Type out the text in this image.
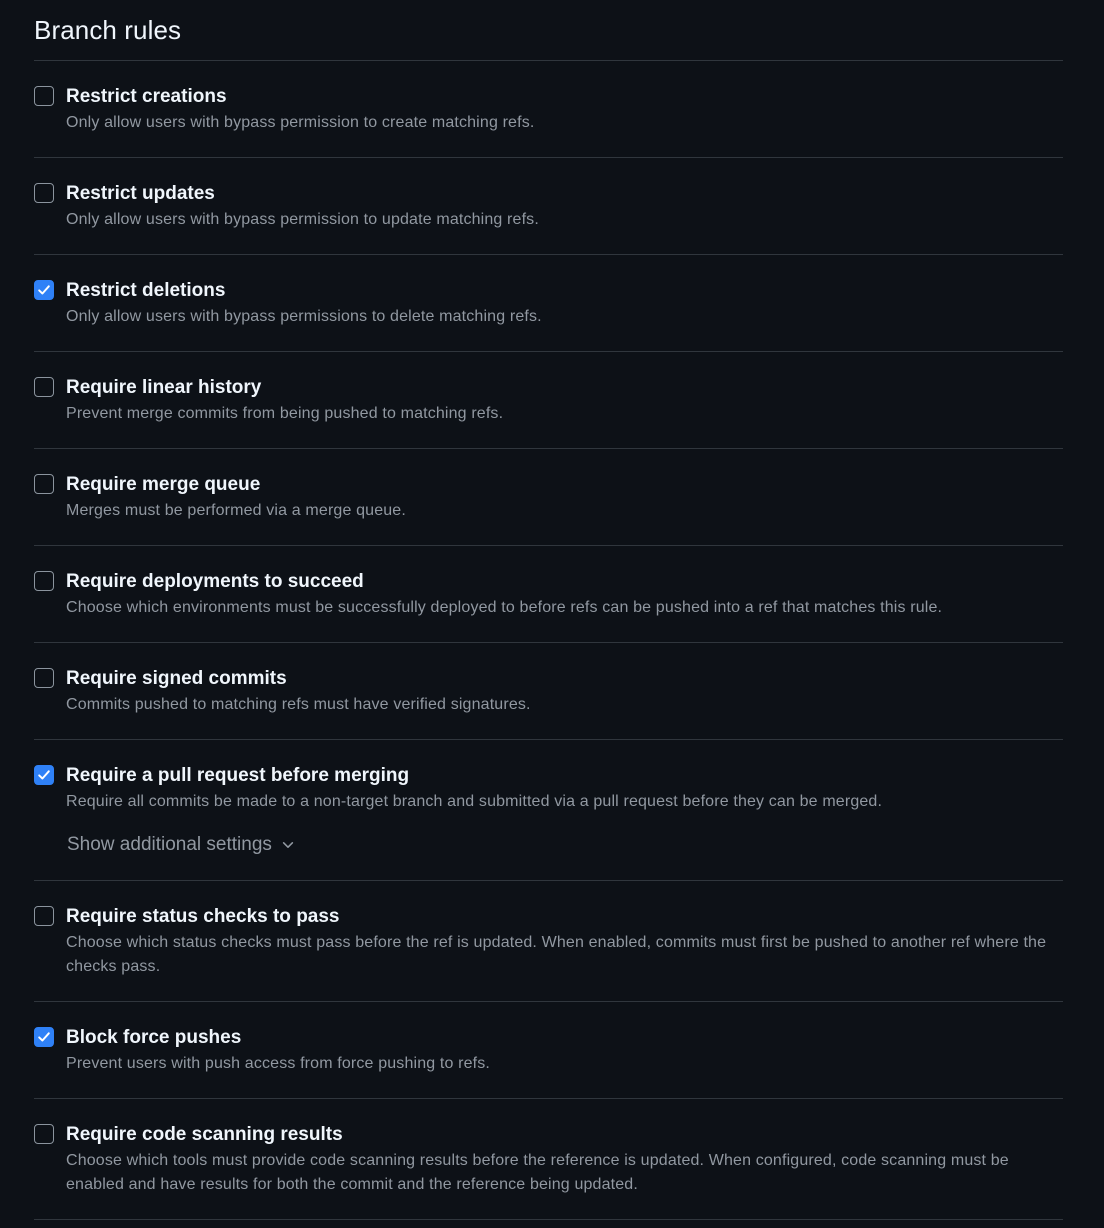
Branch rules
Restrict creations
Only allow users with bypass permission to create matching refs.
Restrict updates
Only allow users with bypass permission to update matching refs.
Restrict deletions
Only allow users with bypass permissions to delete matching refs.
Require linear history
Prevent merge commits from being pushed to matching refs.
Require merge queue
Merges must be performed via a merge queue.
Require deployments to succeed
Choose which environments must be successfully deployed to before refs can be pushed into a ref that matches this rule.
Require signed commits
Commits pushed to matching refs must have verified signatures.
Require a pull request before merging
Require all commits be made to a non-target branch and submitted via a pull request before they can be merged.
Show additional settings
Require status checks to pass
Choose which status checks must pass before the ref is updated. When enabled, commits must first be pushed to another ref where the checks pass.
Block force pushes
Prevent users with push access from force pushing to refs.
Require code scanning results
Choose which tools must provide code scanning results before the reference is updated. When configured, code scanning must be enabled and have results for both the commit and the reference being updated.
